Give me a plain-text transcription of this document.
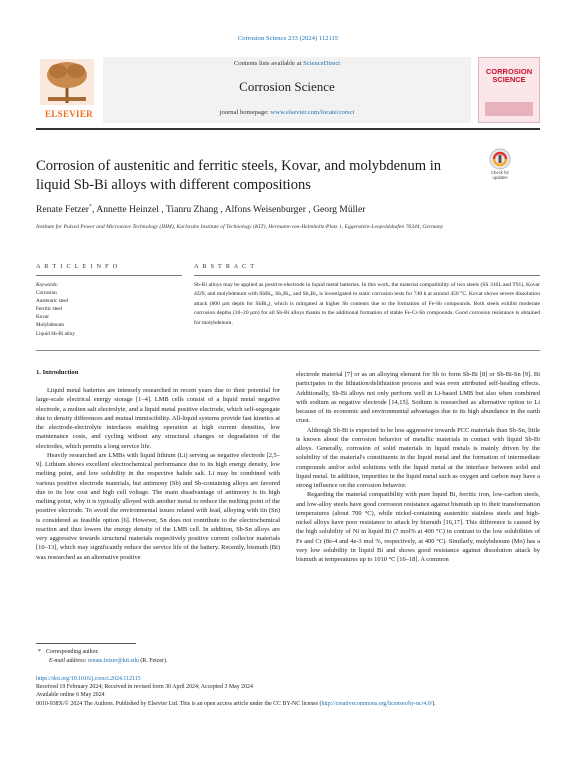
Corrosion Science 233 (2024) 112115
ELSEVIER
Contents lists available at ScienceDirect
Corrosion Science
journal homepage: www.elsevier.com/locate/corsci
CORROSION SCIENCE
Corrosion of austenitic and ferritic steels, Kovar, and molybdenum in liquid Sb-Bi alloys with different compositions
Check for updates
Renate Fetzer*, Annette Heinzel , Tianru Zhang , Alfons Weisenburger , Georg Müller
Institute for Pulsed Power and Microwave Technology (IHM), Karlsruhe Institute of Technology (KIT), Hermann-von-Helmholtz-Platz 1, Eggenstein-Leopoldshafen 76344, Germany
A R T I C L E I N F O	A B S T R A C T
Keywords:
Corrosion
Austenitic steel
Ferritic steel
Kovar
Molybdenum
Liquid Sb-Bi alloy
Sb-Bi alloys may be applied as positive electrode in liquid metal batteries. In this work, the material compatibility of two steels (SS 316L and T91), Kovar 4J29, and molybdenum with SbBi₉, Sb₂Bi₃, and Sb₃Bi₂ is investigated in static corrosion tests for 740 h at around 450 °C. Kovar shows severe dissolution attack (800 µm depth for SbBi₉), which is mitigated at higher Sb contents due to the formation of Fe-Sb compounds. Both steels exhibit moderate corrosion depths (10–20 µm) for all Sb-Bi alloys thanks to the additional formation of stable Fe-Cr-Sb compounds. Good corrosion resistance is obtained for molybdenum.
1. Introduction

Liquid metal batteries are intensely researched in recent years due to their potential for large-scale electrical energy storage [1–4]. LMB cells consist of a liquid metal negative electrode, a molten salt electrolyte, and a liquid metal positive electrode, which self-segregate due to density differences and mutual immiscibility. All-liquid systems provide fast kinetics at the electrode-electrolyte interfaces enabling operation at high current densities, low maintenance costs, and cycling without any structural changes or degradation of the electrodes, which permits a long service life.

Heavily researched are LMBs with liquid lithium (Li) serving as negative electrode [2,5–9]. Lithium shows excellent electrochemical performance due to its high energy density, low melting point, and low solubility in the respective halide salt. Li may be combined with various positive electrode materials, but antimony (Sb) and Sb-containing alloys are favored due to its low cost and high cell voltage. The main disadvantage of antimony is its high melting point, why it is typically alloyed with another metal to reduce the melting point of the positive electrode. To avoid the environmental issues related with lead, alloying with tin (Sn) is considered as feasible option [6]. However, Sn does not contribute to the electrochemical reaction and thus lowers the energy density of the LMB cell. In addition, Sb-Sn alloys are very aggressive towards structural materials respectively positive current collector materials [10–13], which may significantly reduce the service life of the battery. Recently, bismuth (Bi) was researched as an alternative positive

electrode material [7] or as an alloying element for Sb to form Sb-Bi [8] or Sb-Bi-Sn [9]. Bi participates in the lithiation/delithiation process and was even attributed self-healing effects. Additionally, Sb-Bi alloys not only perform well in Li-based LMB but also when combined with sodium as negative electrode [14,15]. Sodium is researched as alternative option to Li because of its economic and environmental advantages due to its high abundance in the earth crust.

Although Sb-Bi is expected to be less aggressive towards PCC materials than Sb-Sn, little is known about the corrosion behavior of metallic materials in contact with liquid Sb-Bi alloys. Generally, corrosion of solid materials in liquid metals is mainly driven by the solubility of the material's constituents in the liquid metal and the formation of intermediate compounds and/or solid solutions with the liquid metal at the interface between solid and liquid metal. In addition, impurities in the liquid metal such as oxygen and carbon may have a strong influence on the corrosion behavior.

Regarding the material compatibility with pure liquid Bi, ferritic iron, low-carbon steels, and low-alloy steels have good corrosion resistance against bismuth up to their transformation temperatures (about 700 °C), while nickel-containing austenitic stainless steels and high-nickel alloys have poor resistance to attack by bismuth [16,17]. This difference is caused by the high solubility of Ni in liquid Bi (7 mol% at 400 °C) in contrast to the low solubilities of Fe and Cr (8e-4 and 4e-3 mol %, respectively, at 400 °C). Similarly, molybdenum (Mo) has a very low solubility in liquid Bi and shows good resistance against dissolution attack by bismuth at temperatures up to 1010 °C [16–18]. A common

* Corresponding author.
E-mail address: renate.fetzer@kit.edu (R. Fetzer).
https://doi.org/10.1016/j.corsci.2024.112115
Received 19 February 2024; Received in revised form 30 April 2024; Accepted 3 May 2024
Available online 6 May 2024
0010-938X/© 2024 The Authors. Published by Elsevier Ltd. This is an open access article under the CC BY-NC license (http://creativecommons.org/licenses/by-nc/4.0/).
